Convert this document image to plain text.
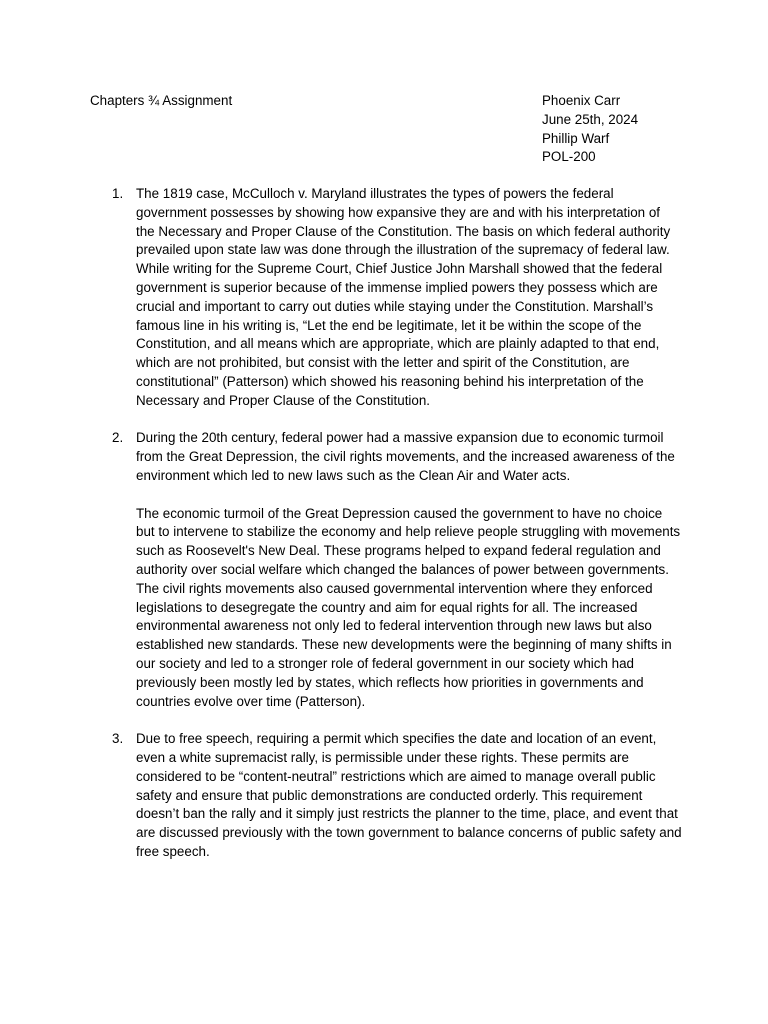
Chapters ¾ Assignment	Phoenix Carr
June 25th, 2024
Phillip Warf
POL-200
1. The 1819 case, McCulloch v. Maryland illustrates the types of powers the federal government possesses by showing how expansive they are and with his interpretation of the Necessary and Proper Clause of the Constitution. The basis on which federal authority prevailed upon state law was done through the illustration of the supremacy of federal law. While writing for the Supreme Court, Chief Justice John Marshall showed that the federal government is superior because of the immense implied powers they possess which are crucial and important to carry out duties while staying under the Constitution. Marshall’s famous line in his writing is, “Let the end be legitimate, let it be within the scope of the Constitution, and all means which are appropriate, which are plainly adapted to that end, which are not prohibited, but consist with the letter and spirit of the Constitution, are constitutional” (Patterson) which showed his reasoning behind his interpretation of the Necessary and Proper Clause of the Constitution.

2. During the 20th century, federal power had a massive expansion due to economic turmoil from the Great Depression, the civil rights movements, and the increased awareness of the environment which led to new laws such as the Clean Air and Water acts.

The economic turmoil of the Great Depression caused the government to have no choice but to intervene to stabilize the economy and help relieve people struggling with movements such as Roosevelt's New Deal. These programs helped to expand federal regulation and authority over social welfare which changed the balances of power between governments. The civil rights movements also caused governmental intervention where they enforced legislations to desegregate the country and aim for equal rights for all. The increased environmental awareness not only led to federal intervention through new laws but also established new standards. These new developments were the beginning of many shifts in our society and led to a stronger role of federal government in our society which had previously been mostly led by states, which reflects how priorities in governments and countries evolve over time (Patterson).

3. Due to free speech, requiring a permit which specifies the date and location of an event, even a white supremacist rally, is permissible under these rights. These permits are considered to be “content-neutral” restrictions which are aimed to manage overall public safety and ensure that public demonstrations are conducted orderly. This requirement doesn’t ban the rally and it simply just restricts the planner to the time, place, and event that are discussed previously with the town government to balance concerns of public safety and free speech.
